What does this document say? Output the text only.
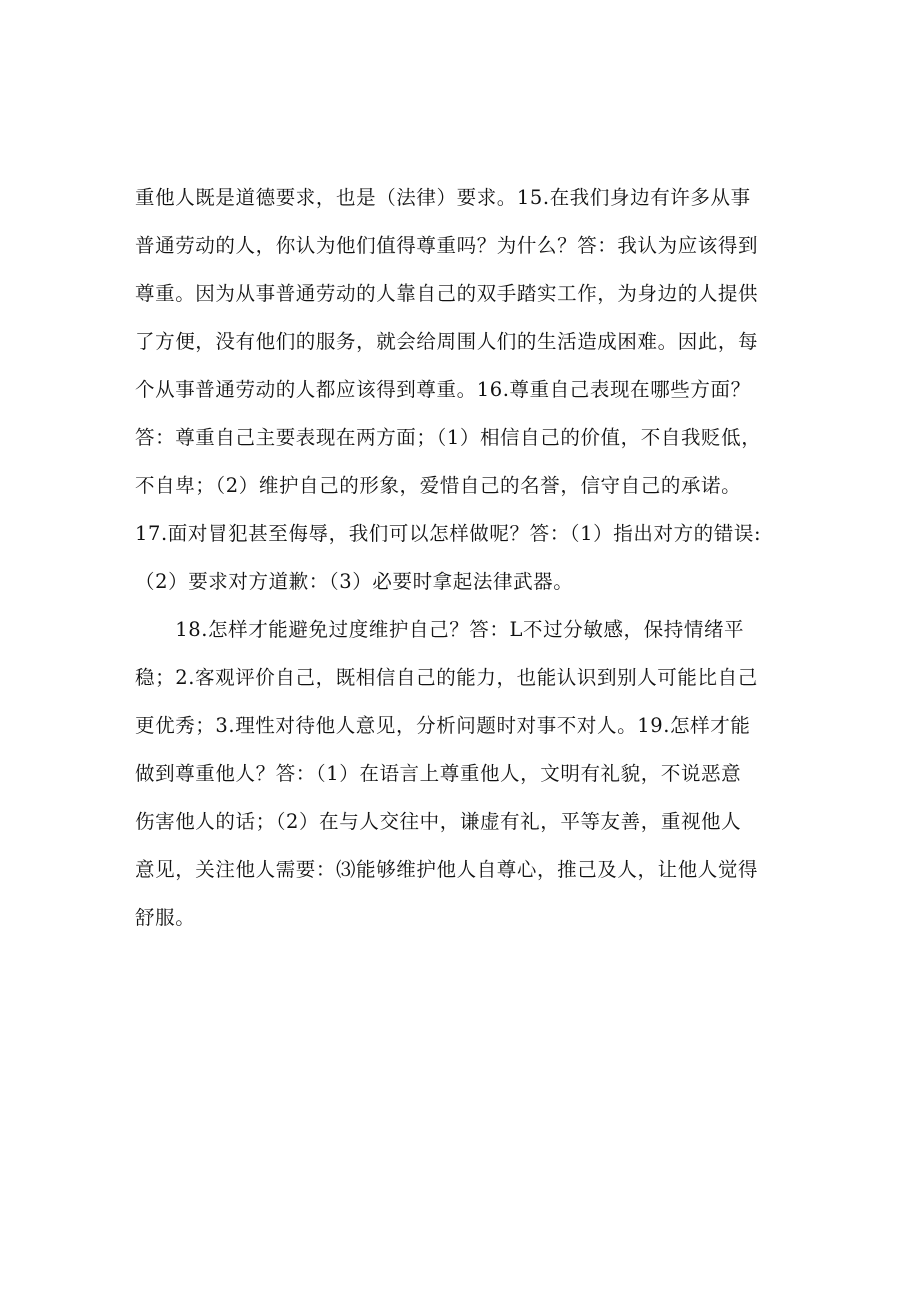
重他人既是道德要求，也是（法律）要求。15.在我们身边有许多从事
普通劳动的人，你认为他们值得尊重吗？为什么？答：我认为应该得到
尊重。因为从事普通劳动的人靠自己的双手踏实工作，为身边的人提供
了方便，没有他们的服务，就会给周围人们的生活造成困难。因此，每
个从事普通劳动的人都应该得到尊重。16.尊重自己表现在哪些方面？
答：尊重自己主要表现在两方面；（1）相信自己的价值，不自我贬低，
不自卑；（2）维护自己的形象，爱惜自己的名誉，信守自己的承诺。
17.面对冒犯甚至侮辱，我们可以怎样做呢？答：（1）指出对方的错误:
（2）要求对方道歉：（3）必要时拿起法律武器。
　　18.怎样才能避免过度维护自己？答：L不过分敏感，保持情绪平
稳；2.客观评价自己，既相信自己的能力，也能认识到别人可能比自己
更优秀；3.理性对待他人意见，分析问题时对事不对人。19.怎样才能
做到尊重他人？答：（1）在语言上尊重他人，文明有礼貌，不说恶意
伤害他人的话；（2）在与人交往中，谦虚有礼，平等友善，重视他人
意见，关注他人需要：⑶能够维护他人自尊心，推己及人，让他人觉得
舒服。
